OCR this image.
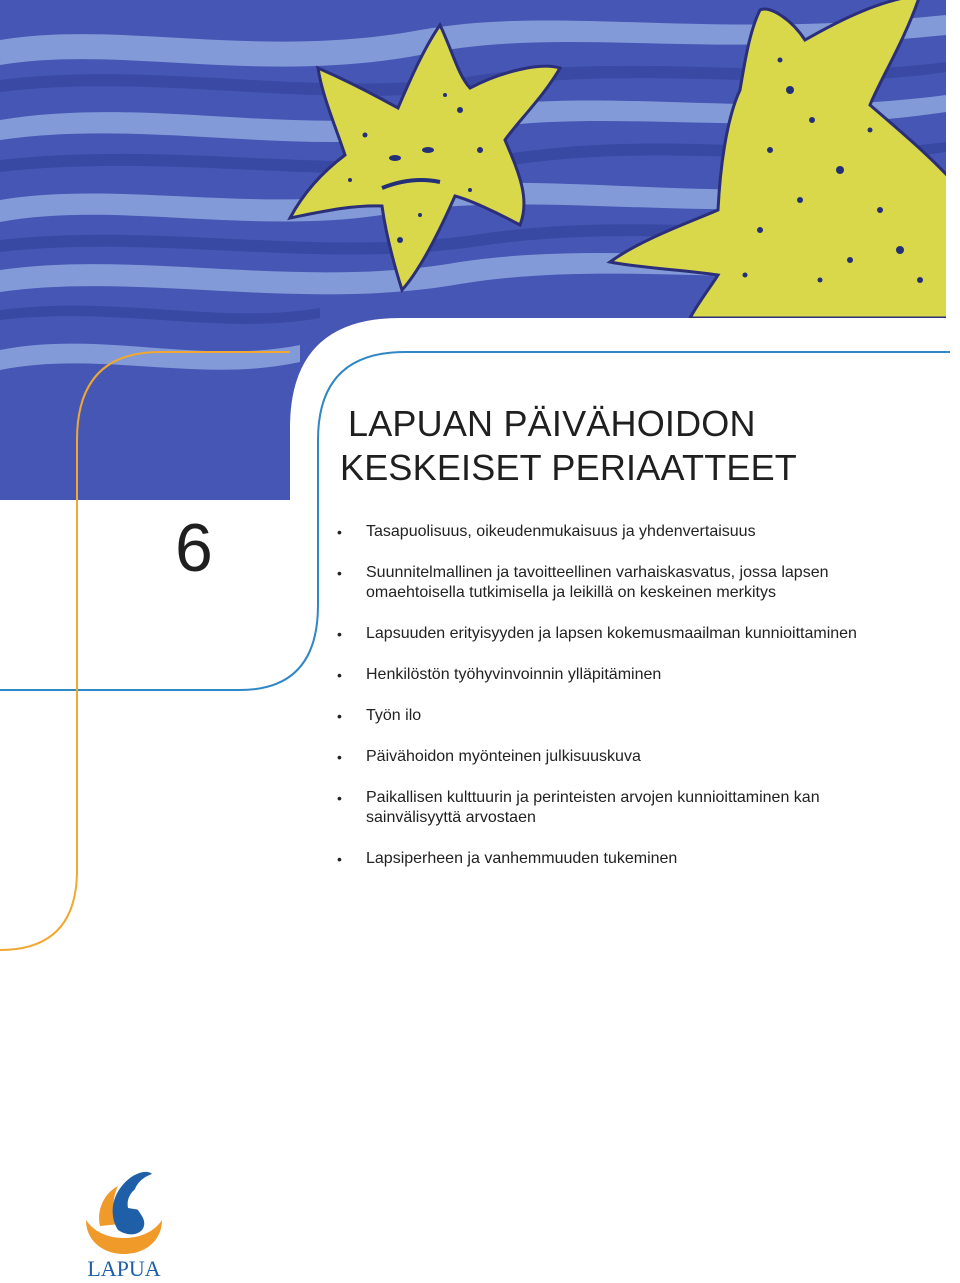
LAPUAN PÄIVÄHOIDON
KESKEISET PERIAATTEET
6	• Tasapuolisuus, oikeudenmukaisuus ja yhdenvertaisuus
• Suunnitelmallinen ja tavoitteellinen varhaiskasvatus, jossa lapsen
omaehtoisella tutkimisella ja leikillä on keskeinen merkitys
• Lapsuuden erityisyyden ja lapsen kokemusmaailman kunnioittaminen
• Henkilöstön työhyvinvoinnin ylläpitäminen
• Työn ilo
• Päivähoidon myönteinen julkisuuskuva
• Paikallisen kulttuurin ja perinteisten arvojen kunnioittaminen kan
sainvälisyyttä arvostaen
• Lapsiperheen ja vanhemmuuden tukeminen
LAPUA
